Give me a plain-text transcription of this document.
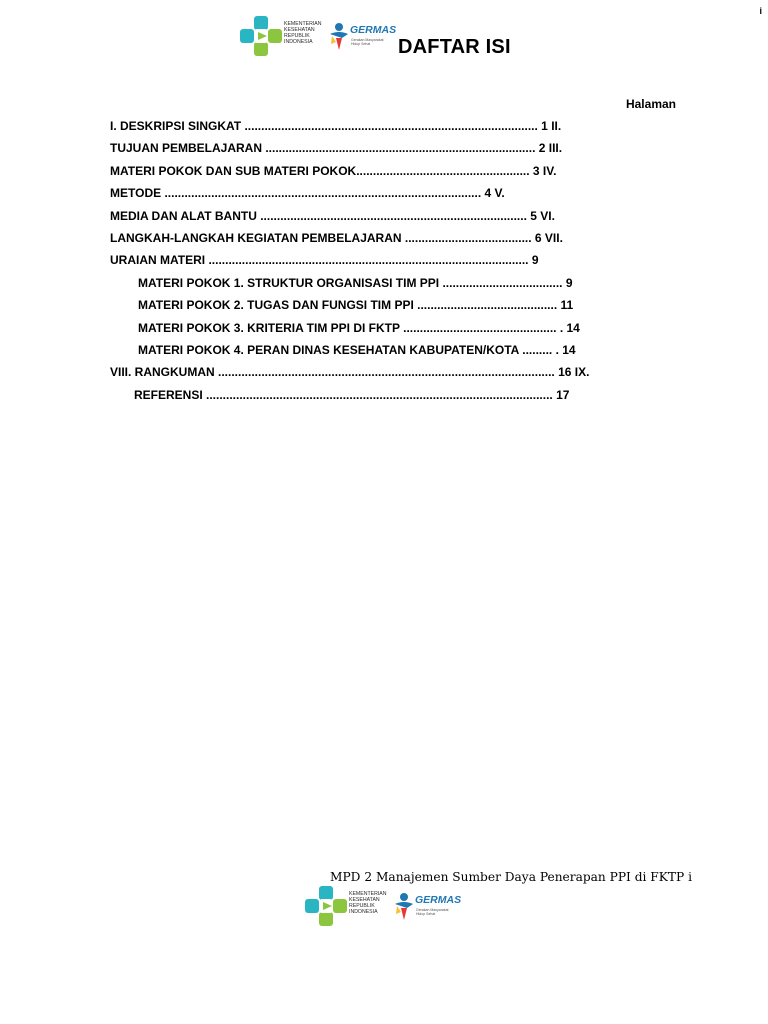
i
KEMENTERIAN
KESEHATAN
REPUBLIK
INDONESIA
GERMAS
Gerakan Masyarakat
Hidup Sehat	DAFTAR ISI
Halaman
I. DESKRIPSI SINGKAT ........................................................................................ 1 II.
TUJUAN PEMBELAJARAN ................................................................................. 2 III.
MATERI POKOK DAN SUB MATERI POKOK.................................................... 3 IV.
METODE ............................................................................................... 4 V.
MEDIA DAN ALAT BANTU ................................................................................ 5 VI.
LANGKAH-LANGKAH KEGIATAN PEMBELAJARAN ...................................... 6 VII.
URAIAN MATERI ................................................................................................ 9
MATERI POKOK 1. STRUKTUR ORGANISASI TIM PPI .................................... 9
MATERI POKOK 2. TUGAS DAN FUNGSI TIM PPI .......................................... 11
MATERI POKOK 3. KRITERIA TIM PPI DI FKTP .............................................. . 14
MATERI POKOK 4. PERAN DINAS KESEHATAN KABUPATEN/KOTA ......... . 14
VIII. RANGKUMAN ..................................................................................................... 16 IX.
REFERENSI ........................................................................................................ 17
MPD 2 Manajemen Sumber Daya Penerapan PPI di FKTP i
KEMENTERIAN
KESEHATAN
REPUBLIK
INDONESIA
GERMAS
Gerakan Masyarakat
Hidup Sehat
